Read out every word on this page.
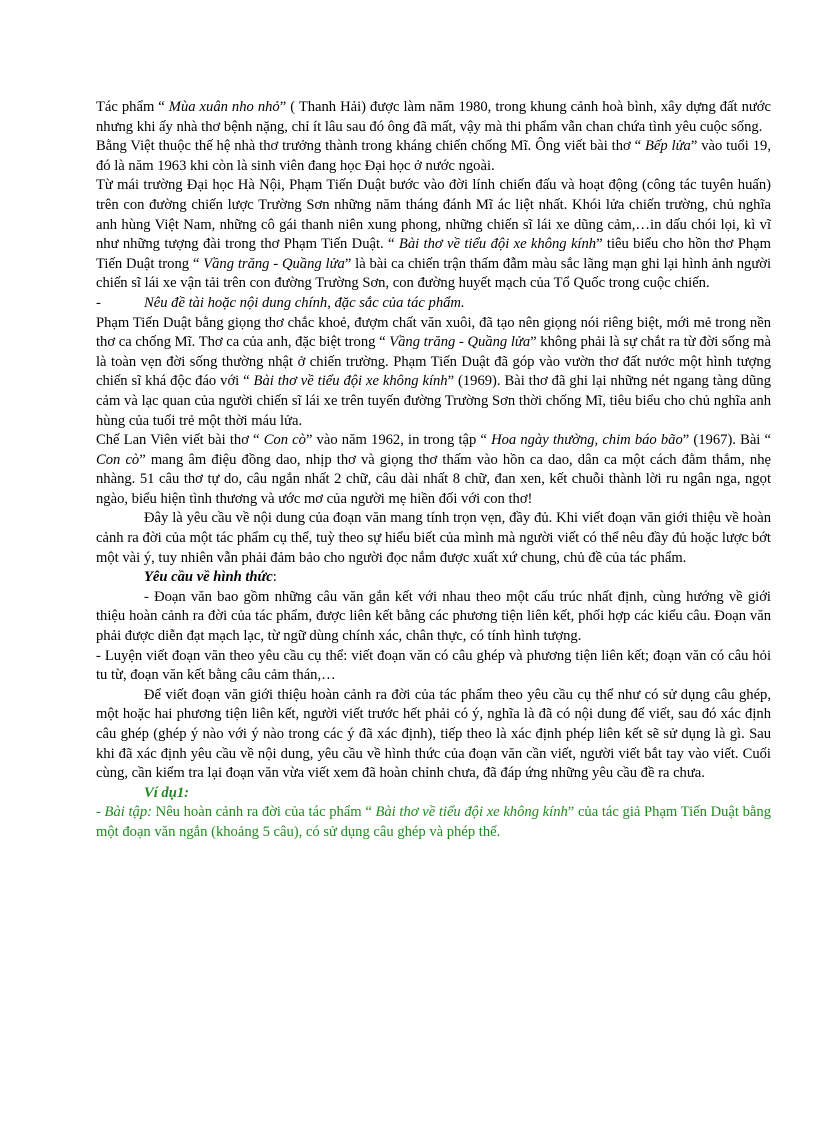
Tác phẩm “ Mùa xuân nho nhỏ” ( Thanh Hải) được làm năm 1980, trong khung cảnh hoà bình, xây dựng đất nước nhưng khi ấy nhà thơ bệnh nặng, chỉ ít lâu sau đó ông đã mất, vậy mà thi phẩm vẫn chan chứa tình yêu cuộc sống.

Bằng Việt thuộc thế hệ nhà thơ trưởng thành trong kháng chiến chống Mĩ. Ông viết bài thơ “ Bếp lửa” vào tuổi 19, đó là năm 1963 khi còn là sinh viên đang học Đại học ở nước ngoài.

Từ mái trường Đại học Hà Nội, Phạm Tiến Duật bước vào đời lính chiến đấu và hoạt động (công tác tuyên huấn) trên con đường chiến lược Trường Sơn những năm tháng đánh Mĩ ác liệt nhất. Khói lửa chiến trường, chủ nghĩa anh hùng Việt Nam, những cô gái thanh niên xung phong, những chiến sĩ lái xe dũng cảm,…in dấu chói lọi, kì vĩ như những tượng đài trong thơ Phạm Tiến Duật. “ Bài thơ về tiểu đội xe không kính” tiêu biểu cho hồn thơ Phạm Tiến Duật trong “ Vầng trăng - Quầng lửa” là bài ca chiến trận thấm đẫm màu sắc lãng mạn ghi lại hình ảnh người chiến sĩ lái xe vận tải trên con đường Trường Sơn, con đường huyết mạch của Tổ Quốc trong cuộc chiến.

-	Nêu đề tài hoặc nội dung chính, đặc sắc của tác phẩm.

Phạm Tiến Duật bằng giọng thơ chắc khoẻ, đượm chất văn xuôi, đã tạo nên giọng nói riêng biệt, mới mẻ trong nền thơ ca chống Mĩ. Thơ ca của anh, đặc biệt trong “ Vầng trăng - Quầng lửa” không phải là sự chắt ra từ đời sống mà là toàn vẹn đời sống thường nhật ở chiến trường. Phạm Tiến Duật đã góp vào vườn thơ đất nước một hình tượng chiến sĩ khá độc đáo với “ Bài thơ về tiểu đội xe không kính” (1969). Bài thơ đã ghi lại những nét ngang tàng dũng cảm và lạc quan của người chiến sĩ lái xe trên tuyến đường Trường Sơn thời chống Mĩ, tiêu biểu cho chủ nghĩa anh hùng của tuổi trẻ một thời máu lửa.

Chế Lan Viên viết bài thơ “ Con cò” vào năm 1962, in trong tập “ Hoa ngày thường, chim báo bão” (1967). Bài “ Con cò” mang âm điệu đồng dao, nhịp thơ và giọng thơ thấm vào hồn ca dao, dân ca một cách đằm thắm, nhẹ nhàng. 51 câu thơ tự do, câu ngắn nhất 2 chữ, câu dài nhất 8 chữ, đan xen, kết chuỗi thành lời ru ngân nga, ngọt ngào, biểu hiện tình thương và ước mơ của người mẹ hiền đối với con thơ!

Đây là yêu cầu về nội dung của đoạn văn mang tính trọn vẹn, đầy đủ. Khi viết đoạn văn giới thiệu về hoàn cảnh ra đời của một tác phẩm cụ thể, tuỳ theo sự hiểu biết của mình mà người viết có thể nêu đầy đủ hoặc lược bớt một vài ý, tuy nhiên vẫn phải đảm bảo cho người đọc nắm được xuất xứ chung, chủ đề của tác phẩm.

Yêu cầu về hình thức:

- Đoạn văn bao gồm những câu văn gắn kết với nhau theo một cấu trúc nhất định, cùng hướng về giới thiệu hoàn cảnh ra đời của tác phẩm, được liên kết bằng các phương tiện liên kết, phối hợp các kiểu câu. Đoạn văn phải được diễn đạt mạch lạc, từ ngữ dùng chính xác, chân thực, có tính hình tượng.

- Luyện viết đoạn văn theo yêu cầu cụ thể: viết đoạn văn có câu ghép và phương tiện liên kết; đoạn văn có câu hỏi tu từ, đoạn văn kết bằng câu cảm thán,…

Để viết đoạn văn giới thiệu hoàn cảnh ra đời của tác phẩm theo yêu cầu cụ thể như có sử dụng câu ghép, một hoặc hai phương tiện liên kết, người viết trước hết phải có ý, nghĩa là đã có nội dung để viết, sau đó xác định câu ghép (ghép ý nào với ý nào trong các ý đã xác định), tiếp theo là xác định phép liên kết sẽ sử dụng là gì. Sau khi đã xác định yêu cầu về nội dung, yêu cầu về hình thức của đoạn văn cần viết, người viết bắt tay vào viết. Cuối cùng, cần kiểm tra lại đoạn văn vừa viết xem đã hoàn chỉnh chưa, đã đáp ứng những yêu cầu đề ra chưa.

Ví dụ1:

- Bài tập: Nêu hoàn cảnh ra đời của tác phẩm “ Bài thơ về tiểu đội xe không kính” của tác giả Phạm Tiến Duật bằng một đoạn văn ngắn (khoảng 5 câu), có sử dụng câu ghép và phép thế.
